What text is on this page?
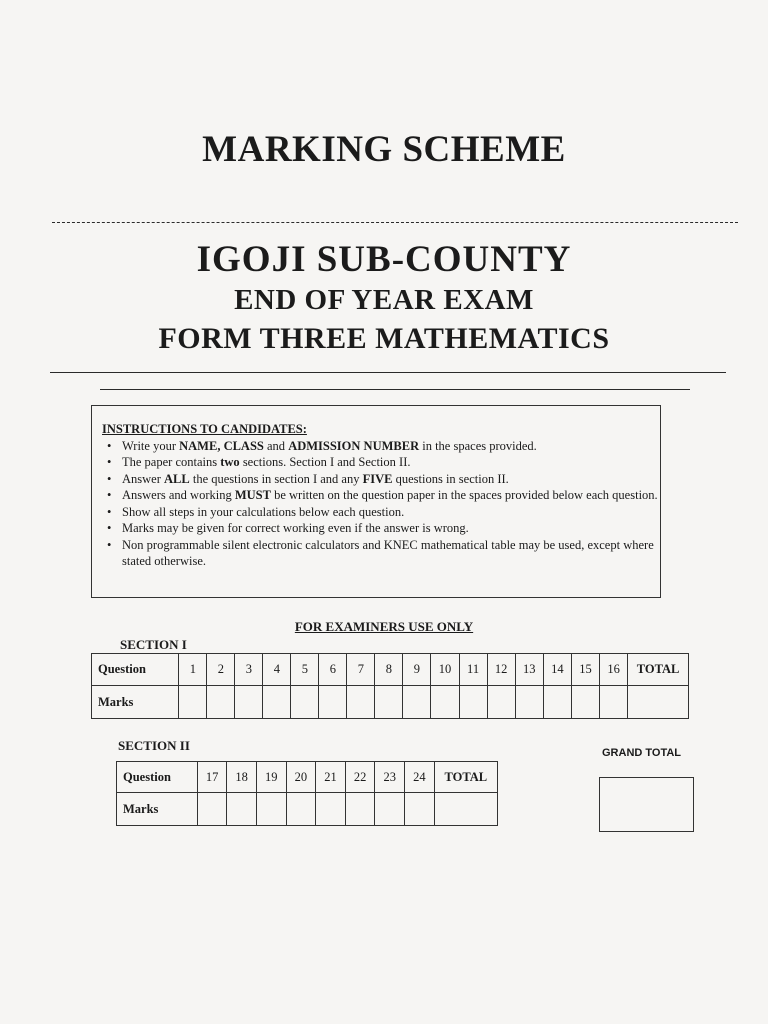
MARKING SCHEME
IGOJI SUB-COUNTY
END OF YEAR EXAM
FORM THREE MATHEMATICS
INSTRUCTIONS TO CANDIDATES:
• Write your NAME, CLASS and ADMISSION NUMBER in the spaces provided.
• The paper contains two sections. Section I and Section II.
• Answer ALL the questions in section I and any FIVE questions in section II.
• Answers and working MUST be written on the question paper in the spaces provided below each question.
• Show all steps in your calculations below each question.
• Marks may be given for correct working even if the answer is wrong.
• Non programmable silent electronic calculators and KNEC mathematical table may be used, except where stated otherwise.
FOR EXAMINERS USE ONLY
SECTION I
Question	1	2	3	4	5	6	7	8	9	10	11	12	13	14	15	16	TOTAL
Marks																	
SECTION II
Question	17	18	19	20	21	22	23	24	TOTAL
Marks									
GRAND TOTAL
